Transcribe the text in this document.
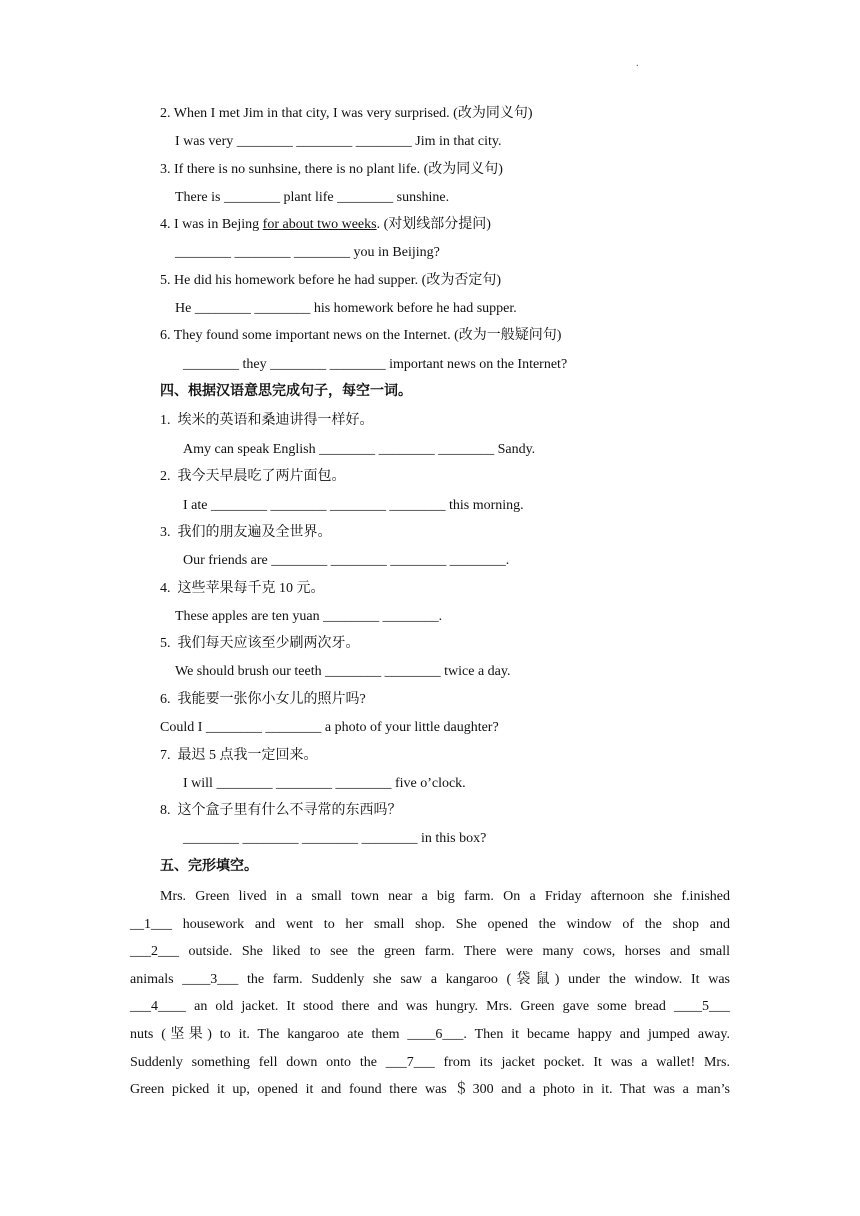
.
2. When I met Jim in that city, I was very surprised. (改为同义句)
I was very ________ ________ ________ Jim in that city.
3. If there is no sunhsine, there is no plant life. (改为同义句)
There is ________ plant life ________ sunshine.
4. I was in Bejing for about two weeks. (对划线部分提问)
________ ________ ________ you in Beijing?
5. He did his homework before he had supper. (改为否定句)
He ________ ________ his homework before he had supper.
6. They found some important news on the Internet. (改为一般疑问句)
________ they ________ ________ important news on the Internet?
四、根据汉语意思完成句子，每空一词。
1.  埃米的英语和桑迪讲得一样好。
Amy can speak English ________ ________ ________ Sandy.
2.  我今天早晨吃了两片面包。
I ate ________ ________ ________ ________ this morning.
3.  我们的朋友遍及全世界。
Our friends are ________ ________ ________ ________.
4.  这些苹果每千克 10 元。
These apples are ten yuan ________ ________.
5.  我们每天应该至少刷两次牙。
We should brush our teeth ________ ________ twice a day.
6.  我能要一张你小女儿的照片吗?
Could I ________ ________ a photo of your little daughter?
7.  最迟 5 点我一定回来。
I will ________ ________ ________ five o’clock.
8.  这个盒子里有什么不寻常的东西吗？
________ ________ ________ ________ in this box?
五、完形填空。
Mrs. Green lived in a small town near a big farm. On a Friday afternoon she f.inished
__1___ housework and went to her small shop. She opened the window of the shop and
___2___ outside. She liked to see the green farm. There were many cows, horses and small
animals ____3___ the farm. Suddenly she saw a kangaroo (袋鼠) under the window. It was
___4____ an old jacket. It stood there and was hungry. Mrs. Green gave some bread ____5___
nuts (坚果) to it. The kangaroo ate them ____6___. Then it became happy and jumped away.
Suddenly something fell down onto the ___7___ from its jacket pocket. It was a wallet! Mrs.
Green picked it up, opened it and found there was ＄300 and a photo in it. That was a man’s
